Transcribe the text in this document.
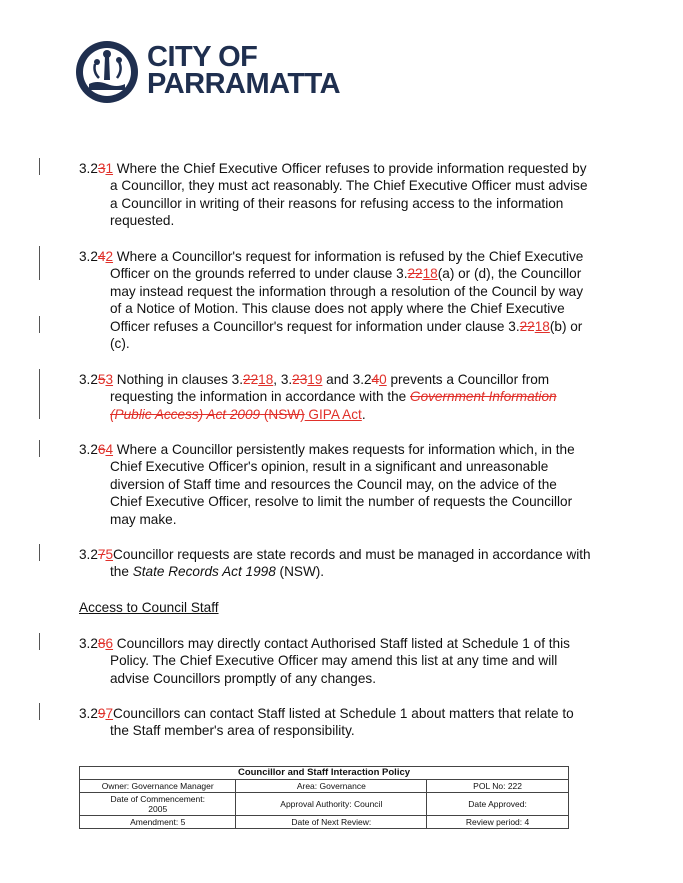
CITY OF
PARRAMATTA
3.231 Where the Chief Executive Officer refuses to provide information requested by
a Councillor, they must act reasonably. The Chief Executive Officer must advise
a Councillor in writing of their reasons for refusing access to the information
requested.
3.242 Where a Councillor's request for information is refused by the Chief Executive
Officer on the grounds referred to under clause 3.2218(a) or (d), the Councillor
may instead request the information through a resolution of the Council by way
of a Notice of Motion. This clause does not apply where the Chief Executive
Officer refuses a Councillor's request for information under clause 3.2218(b) or
(c).
3.253 Nothing in clauses 3.2218, 3.2319 and 3.240 prevents a Councillor from
requesting the information in accordance with the Government Information
(Public Access) Act 2009 (NSW) GIPA Act.
3.264 Where a Councillor persistently makes requests for information which, in the
Chief Executive Officer's opinion, result in a significant and unreasonable
diversion of Staff time and resources the Council may, on the advice of the
Chief Executive Officer, resolve to limit the number of requests the Councillor
may make.
3.275Councillor requests are state records and must be managed in accordance with
the State Records Act 1998 (NSW).
Access to Council Staff
3.286 Councillors may directly contact Authorised Staff listed at Schedule 1 of this
Policy. The Chief Executive Officer may amend this list at any time and will
advise Councillors promptly of any changes.
3.297Councillors can contact Staff listed at Schedule 1 about matters that relate to
the Staff member's area of responsibility.
Councillor and Staff Interaction Policy		
Owner: Governance Manager	Area: Governance	POL No: 222

Date of Commencement:
2005	Approval Authority: Council	Date Approved:
Amendment: 5	Date of Next Review:	Review period: 4
